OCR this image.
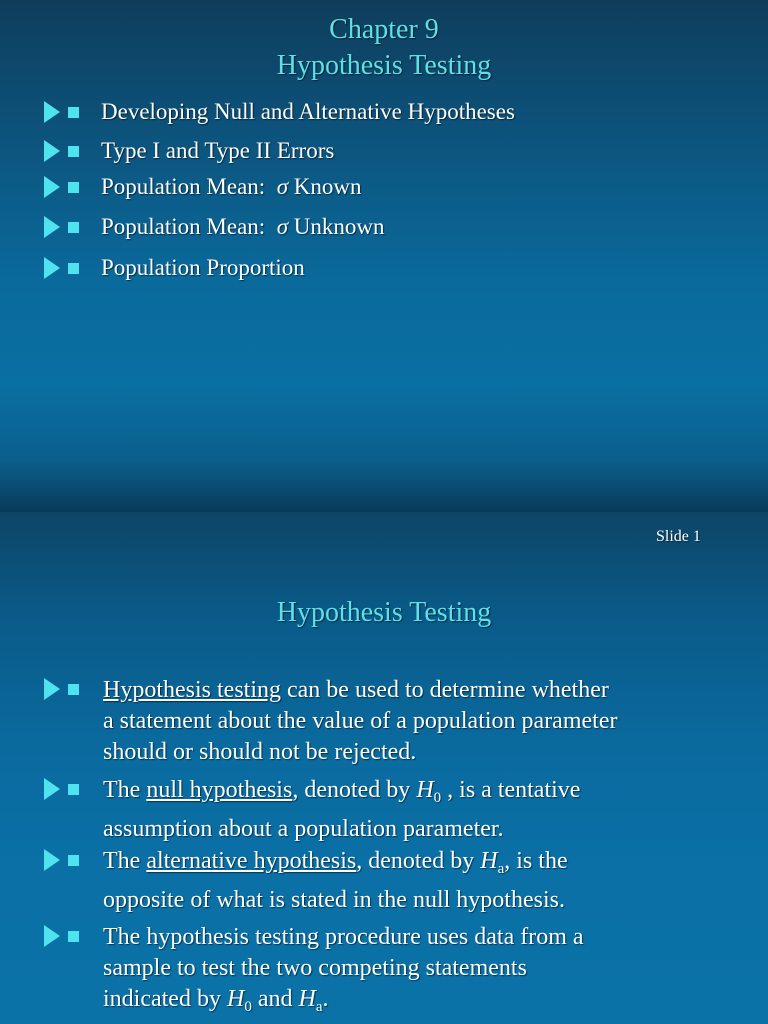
Chapter 9
Hypothesis Testing
Developing Null and Alternative Hypotheses
Type I and Type II Errors
Population Mean: σ Known
Population Mean: σ Unknown
Population Proportion
Hypothesis Testing
Hypothesis testing can be used to determine whether
a statement about the value of a population parameter
should or should not be rejected.
The null hypothesis, denoted by $H_0$ , is a tentative
assumption about a population parameter.
The alternative hypothesis, denoted by $H_a$, is the
opposite of what is stated in the null hypothesis.
The hypothesis testing procedure uses data from a
sample to test the two competing statements
indicated by $H_0$ and $H_a$.
Slide 1
